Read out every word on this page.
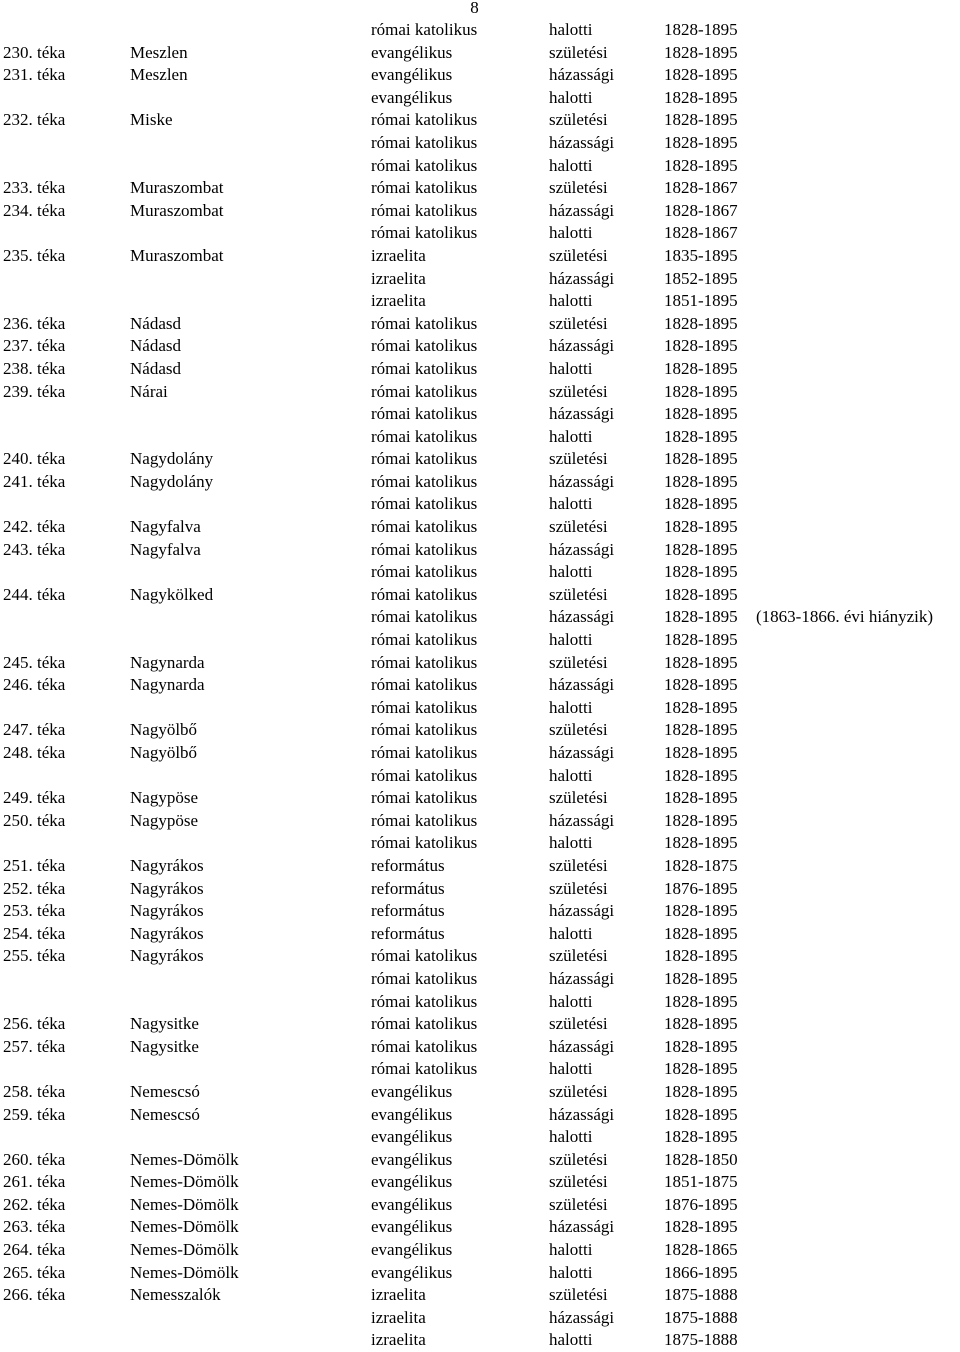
8
római katolikus	halotti	1828-1895
230. téka	Meszlen	evangélikus	születési	1828-1895
231. téka	Meszlen	evangélikus	házassági	1828-1895
evangélikus	halotti	1828-1895
232. téka	Miske	római katolikus	születési	1828-1895
római katolikus	házassági	1828-1895
római katolikus	halotti	1828-1895
233. téka	Muraszombat	római katolikus	születési	1828-1867
234. téka	Muraszombat	római katolikus	házassági	1828-1867
római katolikus	halotti	1828-1867
235. téka	Muraszombat	izraelita	születési	1835-1895
izraelita	házassági	1852-1895
izraelita	halotti	1851-1895
236. téka	Nádasd	római katolikus	születési	1828-1895
237. téka	Nádasd	római katolikus	házassági	1828-1895
238. téka	Nádasd	római katolikus	halotti	1828-1895
239. téka	Nárai	római katolikus	születési	1828-1895
római katolikus	házassági	1828-1895
római katolikus	halotti	1828-1895
240. téka	Nagydolány	római katolikus	születési	1828-1895
241. téka	Nagydolány	római katolikus	házassági	1828-1895
római katolikus	halotti	1828-1895
242. téka	Nagyfalva	római katolikus	születési	1828-1895
243. téka	Nagyfalva	római katolikus	házassági	1828-1895
római katolikus	halotti	1828-1895
244. téka	Nagykölked	római katolikus	születési	1828-1895
római katolikus	házassági	1828-1895 (1863-1866. évi hiányzik)
római katolikus	halotti	1828-1895
245. téka	Nagynarda	római katolikus	születési	1828-1895
246. téka	Nagynarda	római katolikus	házassági	1828-1895
római katolikus	halotti	1828-1895
247. téka	Nagyölbő	római katolikus	születési	1828-1895
248. téka	Nagyölbő	római katolikus	házassági	1828-1895
római katolikus	halotti	1828-1895
249. téka	Nagypöse	római katolikus	születési	1828-1895
250. téka	Nagypöse	római katolikus	házassági	1828-1895
római katolikus	halotti	1828-1895
251. téka	Nagyrákos	református	születési	1828-1875
252. téka	Nagyrákos	református	születési	1876-1895
253. téka	Nagyrákos	református	házassági	1828-1895
254. téka	Nagyrákos	református	halotti	1828-1895
255. téka	Nagyrákos	római katolikus	születési	1828-1895
római katolikus	házassági	1828-1895
római katolikus	halotti	1828-1895
256. téka	Nagysitke	római katolikus	születési	1828-1895
257. téka	Nagysitke	római katolikus	házassági	1828-1895
római katolikus	halotti	1828-1895
258. téka	Nemescsó	evangélikus	születési	1828-1895
259. téka	Nemescsó	evangélikus	házassági	1828-1895
evangélikus	halotti	1828-1895
260. téka	Nemes-Dömölk	evangélikus	születési	1828-1850
261. téka	Nemes-Dömölk	evangélikus	születési	1851-1875
262. téka	Nemes-Dömölk	evangélikus	születési	1876-1895
263. téka	Nemes-Dömölk	evangélikus	házassági	1828-1895
264. téka	Nemes-Dömölk	evangélikus	halotti	1828-1865
265. téka	Nemes-Dömölk	evangélikus	halotti	1866-1895
266. téka	Nemesszalók	izraelita	születési	1875-1888
izraelita	házassági	1875-1888
izraelita	halotti	1875-1888
